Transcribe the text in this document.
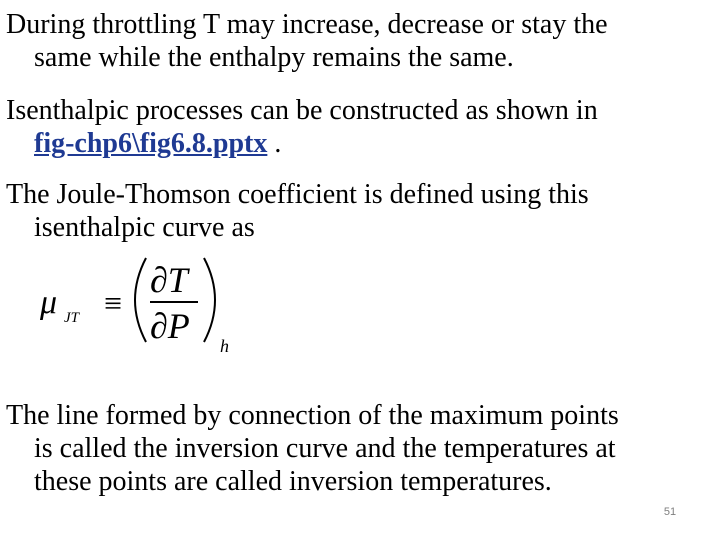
During throttling T may increase, decrease or stay the
same while the enthalpy remains the same.

Isenthalpic processes can be constructed as shown in
fig-chp6\fig6.8.pptx .

The Joule-Thomson coefficient is defined using this
isenthalpic curve as

μ JT ≡
∂T
∂P h

The line formed by connection of the maximum points
is called the inversion curve and the temperatures at
these points are called inversion temperatures.

51
